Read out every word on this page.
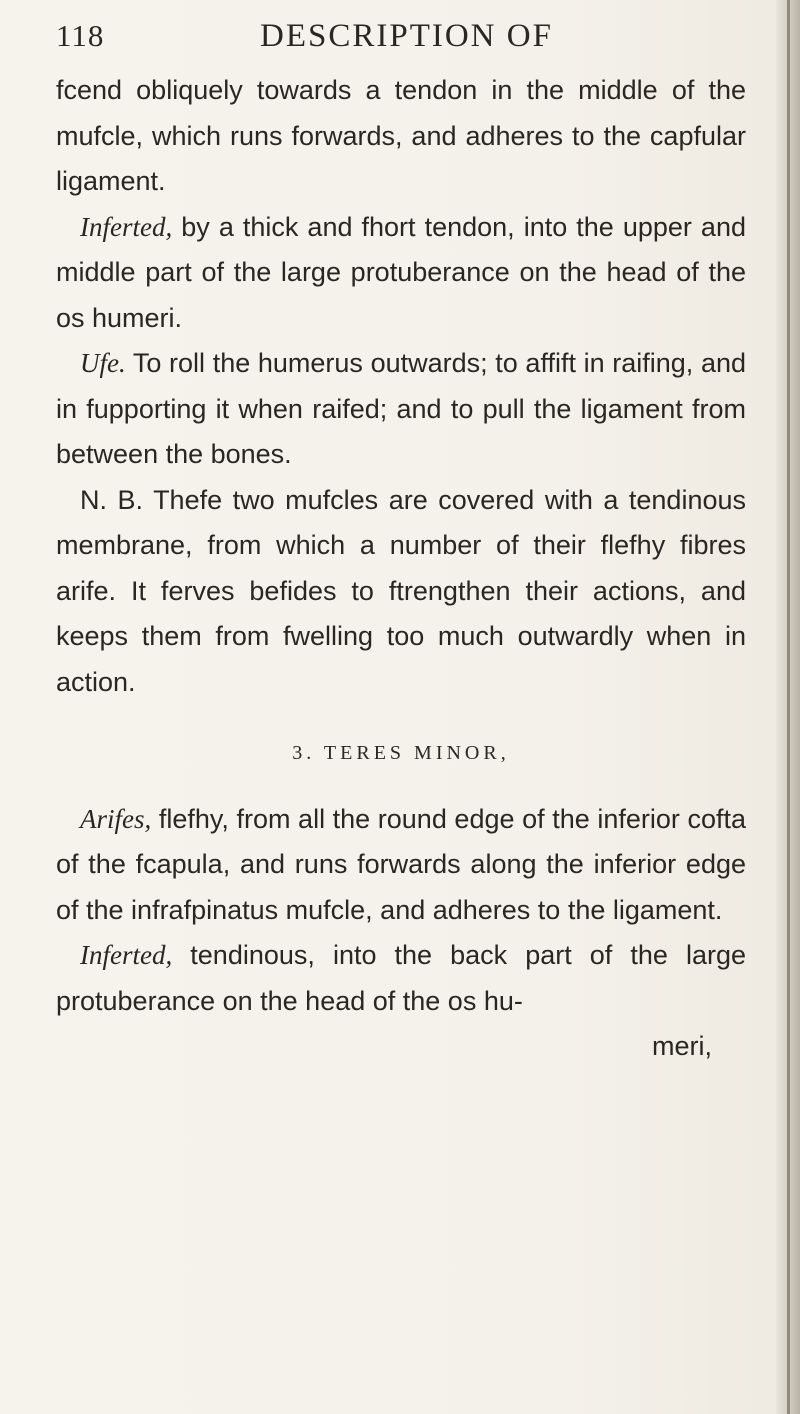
118	DESCRIPTION OF

fcend obliquely towards a tendon in the middle of the mufcle, which runs forwards, and adheres to the capfular ligament.

Inferted, by a thick and fhort tendon, into the upper and middle part of the large protuberance on the head of the os humeri.

Ufe. To roll the humerus outwards; to affift in raifing, and in fupporting it when raifed; and to pull the ligament from between the bones.

N. B. Thefe two mufcles are covered with a tendinous membrane, from which a number of their flefhy fibres arife. It ferves befides to ftrengthen their actions, and keeps them from fwelling too much outwardly when in action.

3. TERES MINOR,

Arifes, flefhy, from all the round edge of the inferior cofta of the fcapula, and runs forwards along the inferior edge of the infrafpinatus mufcle, and adheres to the ligament.

Inferted, tendinous, into the back part of the large protuberance on the head of the os hu-

meri,
